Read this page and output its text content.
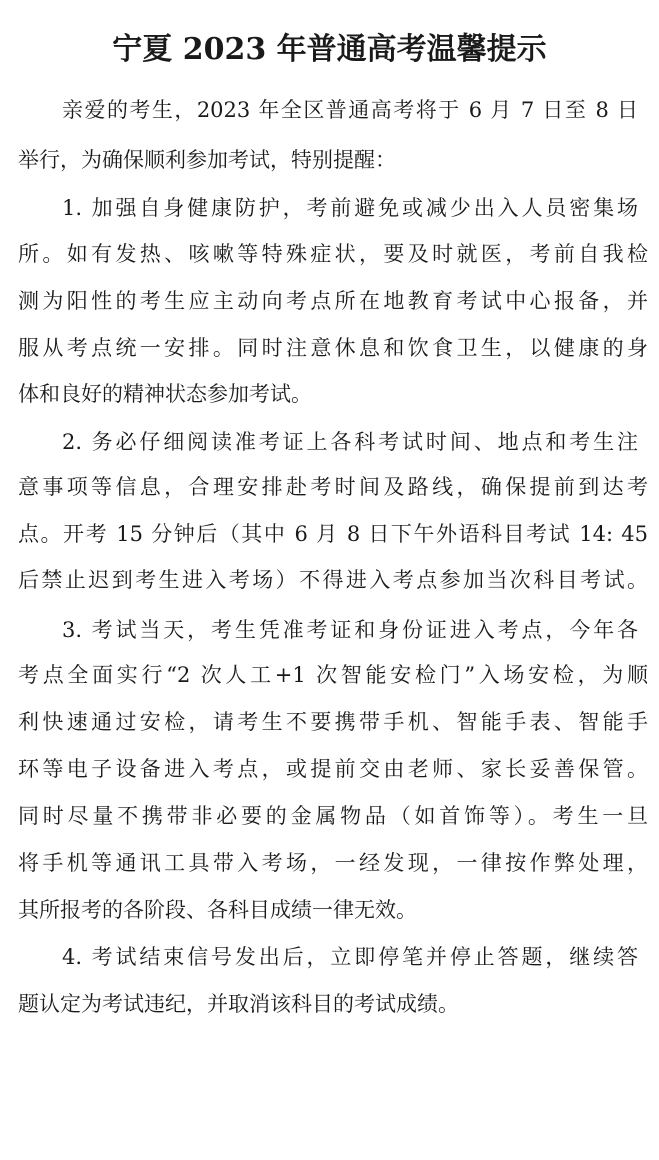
宁夏 2023 年普通高考温馨提示
亲爱的考生，2023 年全区普通高考将于 6 月 7 日至 8 日
举行，为确保顺利参加考试，特别提醒：
1. 加强自身健康防护，考前避免或减少出入人员密集场
所。如有发热、咳嗽等特殊症状，要及时就医，考前自我检
测为阳性的考生应主动向考点所在地教育考试中心报备，并
服从考点统一安排。同时注意休息和饮食卫生，以健康的身
体和良好的精神状态参加考试。
2. 务必仔细阅读准考证上各科考试时间、地点和考生注
意事项等信息，合理安排赴考时间及路线，确保提前到达考
点。开考 15 分钟后（其中 6 月 8 日下午外语科目考试 14: 45
后禁止迟到考生进入考场）不得进入考点参加当次科目考试。
3. 考试当天，考生凭准考证和身份证进入考点，今年各
考点全面实行“2 次人工+1 次智能安检门”入场安检，为顺
利快速通过安检，请考生不要携带手机、智能手表、智能手
环等电子设备进入考点，或提前交由老师、家长妥善保管。
同时尽量不携带非必要的金属物品（如首饰等）。考生一旦
将手机等通讯工具带入考场，一经发现，一律按作弊处理，
其所报考的各阶段、各科目成绩一律无效。
4. 考试结束信号发出后，立即停笔并停止答题，继续答
题认定为考试违纪，并取消该科目的考试成绩。
